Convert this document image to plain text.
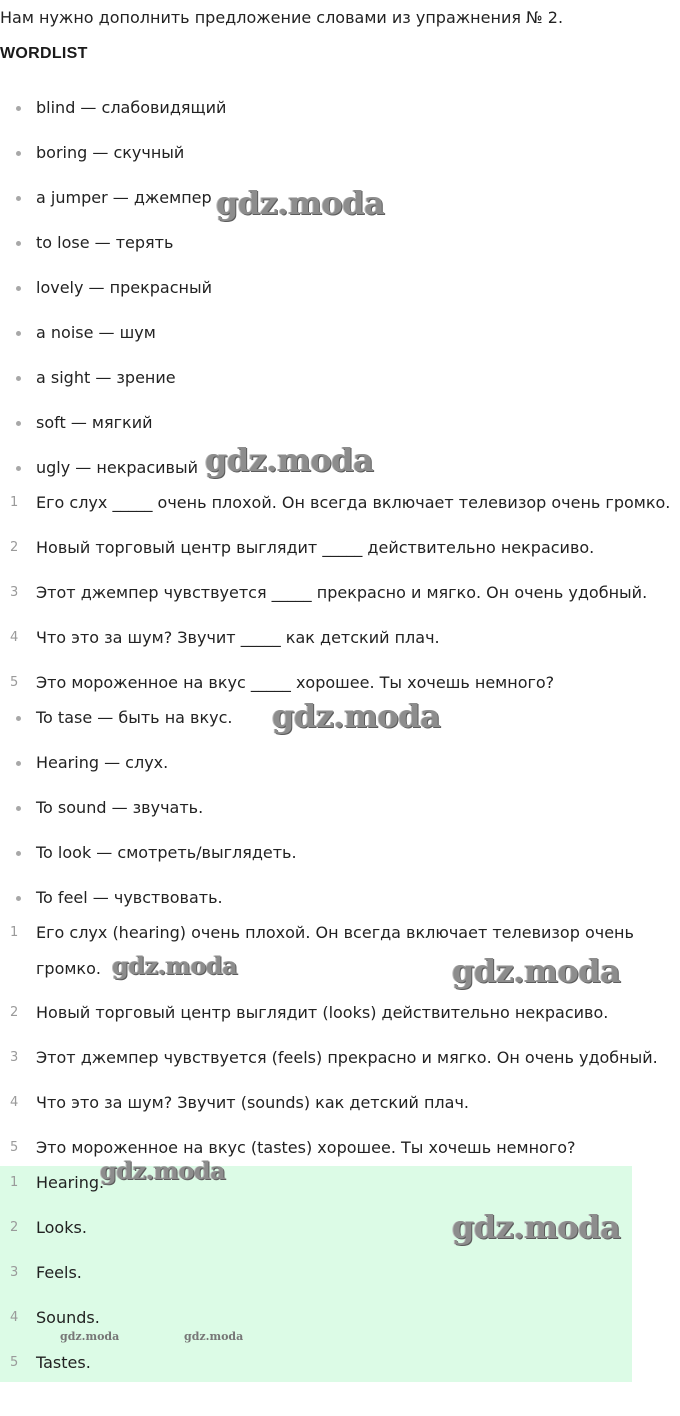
Нам нужно дополнить предложение словами из упражнения № 2.
WORDLIST
blind — слабовидящий
boring — скучный
a jumper — джемпер
to lose — терять
lovely — прекрасный
a noise — шум
a sight — зрение
soft — мягкий
ugly — некрасивый
1	Его слух _____ очень плохой. Он всегда включает телевизор очень громко.
2	Новый торговый центр выглядит _____ действительно некрасиво.
3	Этот джемпер чувствуется _____ прекрасно и мягко. Он очень удобный.
4	Что это за шум? Звучит _____ как детский плач.
5	Это мороженное на вкус _____ хорошее. Ты хочешь немного?
To tase — быть на вкус.
Hearing — слух.
To sound — звучать.
To look — смотреть/выглядеть.
To feel — чувствовать.
1	Его слух (hearing) очень плохой. Он всегда включает телевизор очень громко.
2	Новый торговый центр выглядит (looks) действительно некрасиво.
3	Этот джемпер чувствуется (feels) прекрасно и мягко. Он очень удобный.
4	Что это за шум? Звучит (sounds) как детский плач.
5	Это мороженное на вкус (tastes) хорошее. Ты хочешь немного?
1	Hearing.
2	Looks.
3	Feels.
4	Sounds.
5	Tastes.
gdz.moda
gdz.moda
gdz.moda
gdz.moda	gdz.moda
gdz.moda
gdz.moda
gdz.moda	gdz.moda
